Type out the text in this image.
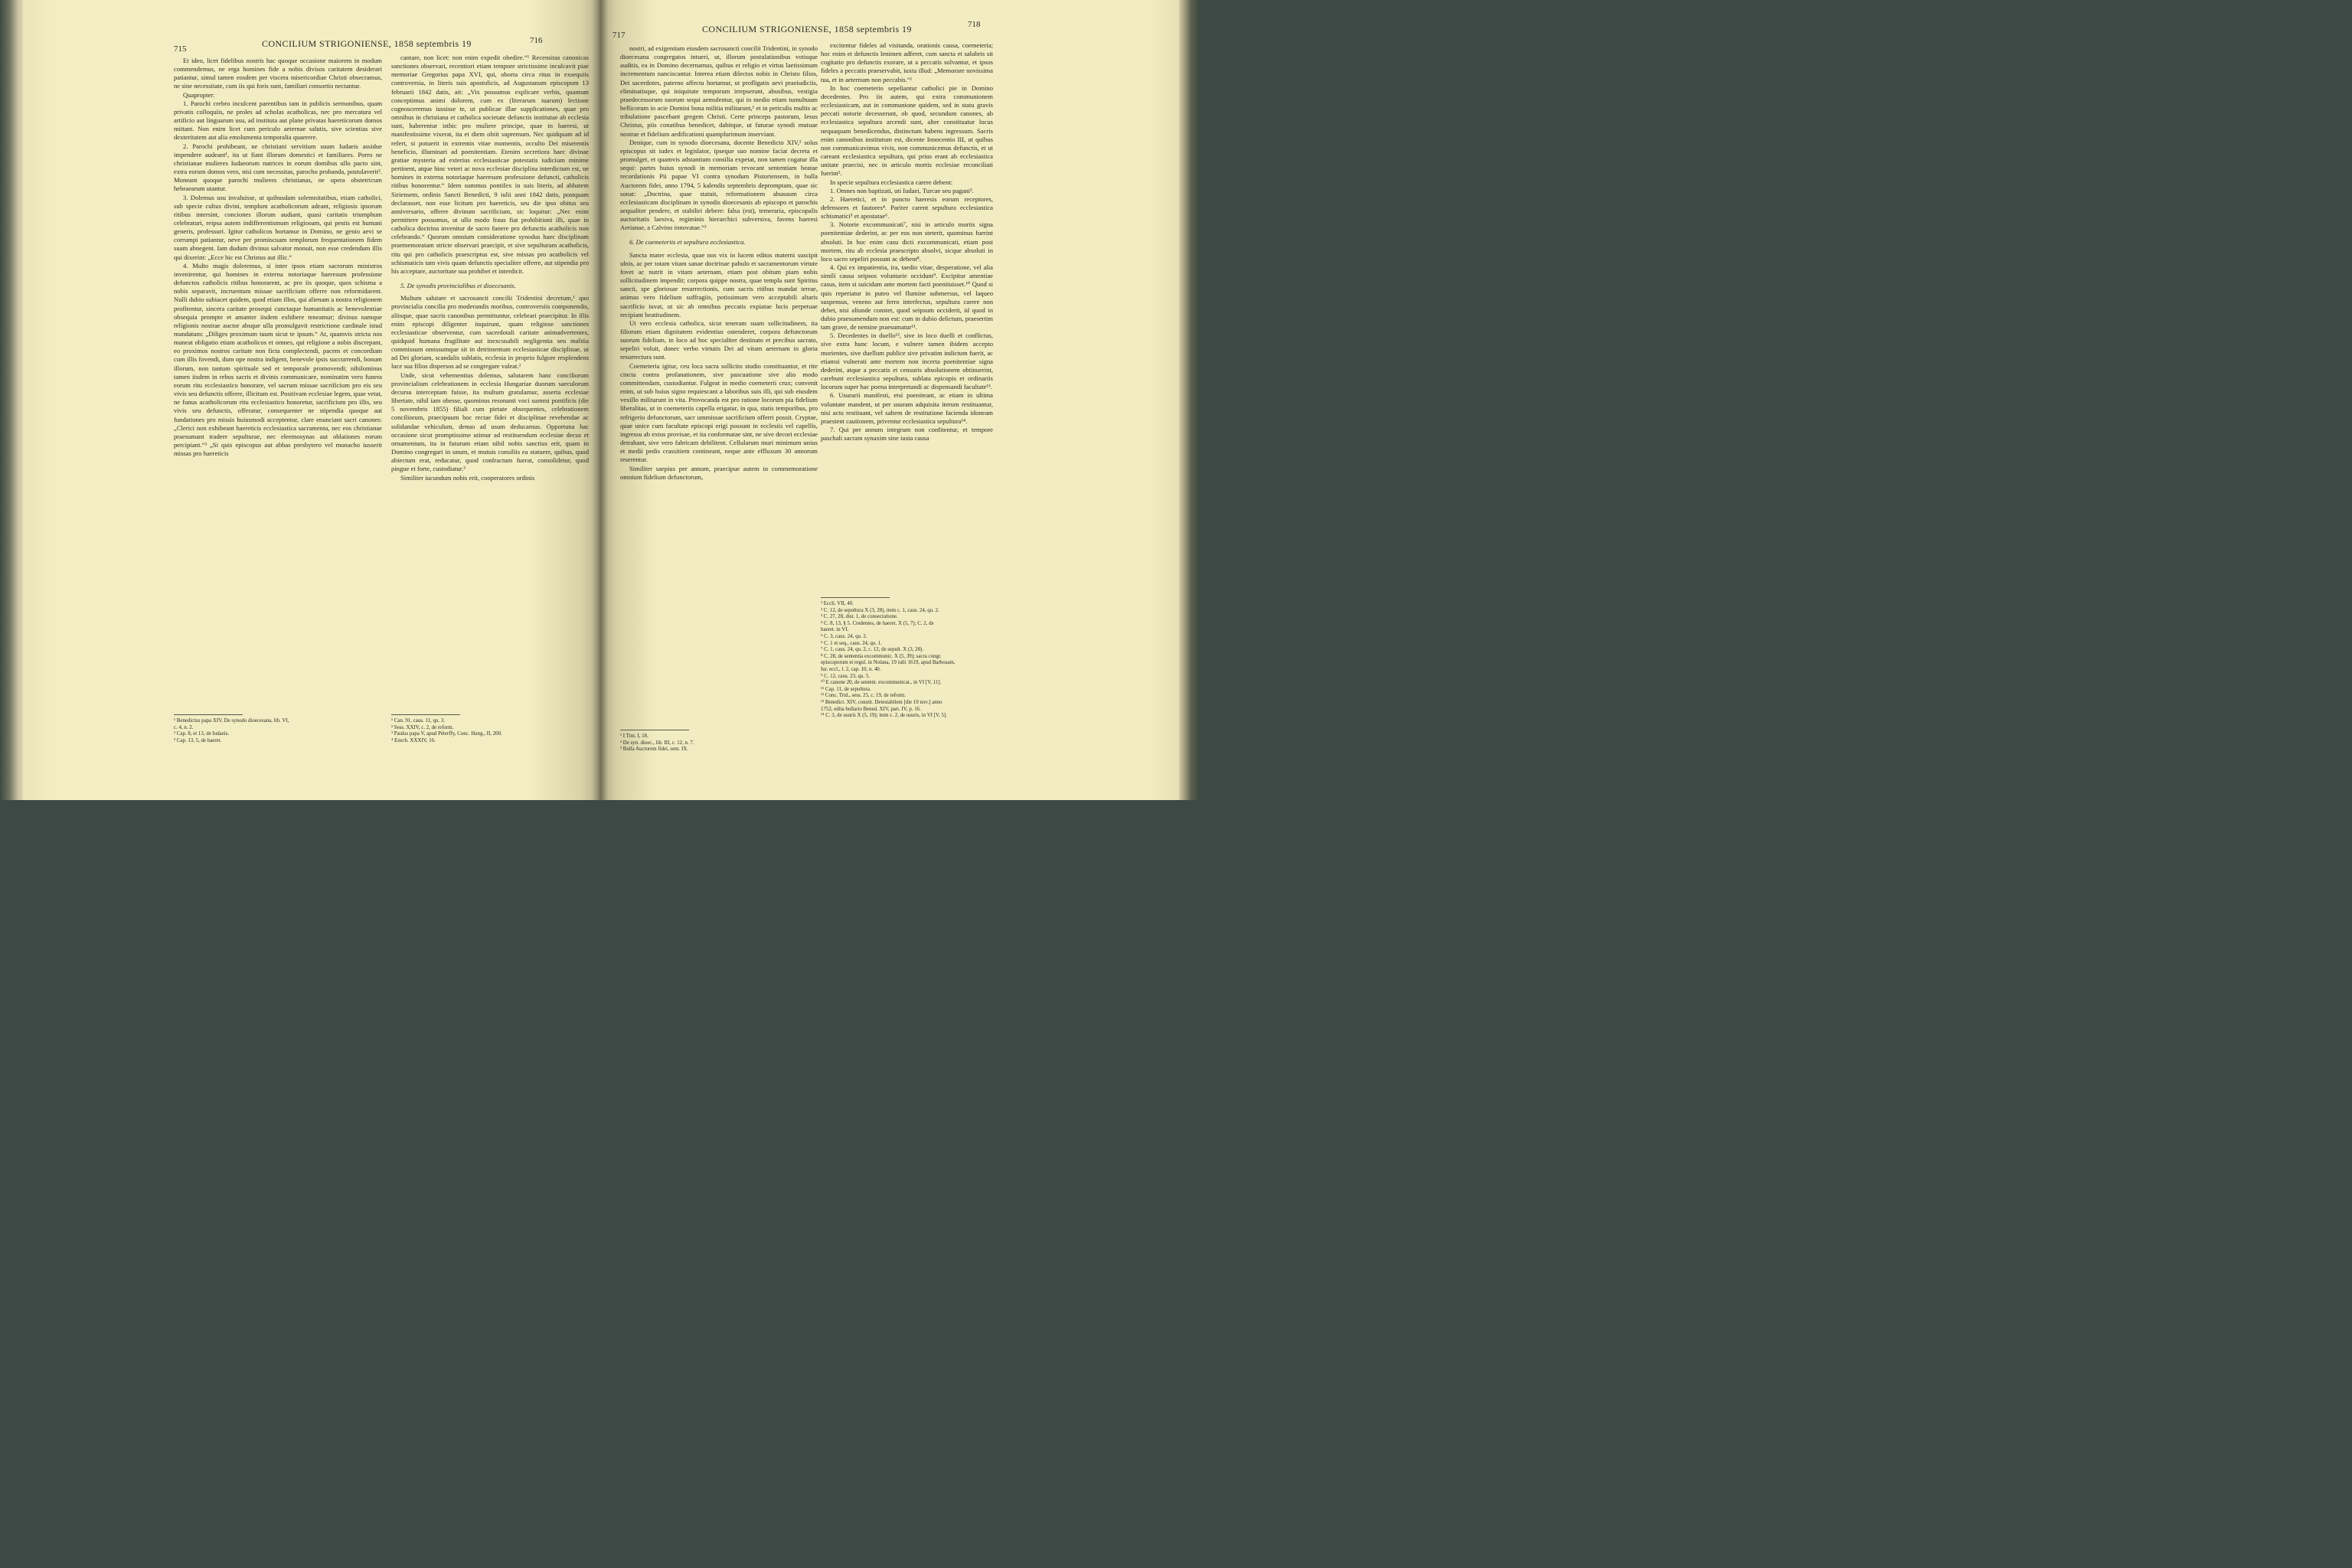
715	CONCILIUM STRIGONIENSE, 1858 septembris 19	716

Et ideo, licet fidelibus nostris hac quoque occasione maiorem in modum commendemus, ne erga homines fide a nobis divisos caritatem desiderari patiantur, simul tamen eosdem per viscera misericordiae Christi obsecramus, ne sine necessitate, cum iis qui foris sunt, familiari consortio nectantur.

Quapropter:

1. Parochi crebro inculcent parentibus tam in publicis sermonibus, quam privatis colloquiis, ne proles ad scholas acatholicas, nec pro mercatura vel artificio aut linguarum usu, ad instituta aut plane privatas haereticorum domos mittant. Non enim licet cum periculo aeternae salutis, sive scientias sive dexteritatem aut alia emolumenta temporalia quaerere.

2. Parochi prohibeant, ne christiani servitium suum Iudaeis assidue impendere audeant¹, ita ut fiant illorum domestici et familiares. Porro ne christianae mulieres Iudaeorum nutrices in eorum domibus ullo pacto sint, extra eorum domos vero, nisi cum necessitas, parocho probanda, postulaverit². Moneant quoque parochi mulieres christianas, ne opera obstetricum hebraearum utantur.

3. Dolemus usu invaluisse, ut quibusdam solemnitatibus, etiam catholici, sub specie cultus divini, templum acatholicorum adeant, religiosis ipsorum ritibus intersint, conciones illorum audiant, quasi caritatis triumphum celebraturi, reipsa autem indifferentismum religiosum, qui pestis est humani generis, professuri. Igitur catholicos hortamur in Domino, ne genio aevi se corrumpi patiantur, neve per promiscuam templorum frequentationem fidem suam abnegent. Iam dudum divinus salvator monuit, non esse credendum illis qui dixerint: „Ecce hic est Christus aut illic.“

4. Multo magis doleremus, si inter ipsos etiam sacrorum ministros invenirentur, qui homines in externa notoriaque haeresum professione defunctos catholicis ritibus honorarent, ac pro iis quoque, quos schisma a nobis separavit, incruentum missae sacrificium offerre non reformidarent. Nulli dubio subiacet quidem, quod etiam illos, qui alienam a nostra religionem profitentur, sincera caritate prosequi cunctaque humanitatis ac benevolentiae obsequia prompte et amanter iisdem exhibere teneamur; divinus namque religionis nostrae auctor absque ulla promulgavit restrictione cardinale istud mandatum: „Diliges proximum tuum sicut te ipsum.“ At, quamvis stricta nos maneat obligatio etiam acatholicos et omnes, qui religione a nobis discrepant, eo proximos nostros caritate non ficta complectendi, pacem et concordiam cum illis fovendi, dum ope nostra indigent, benevole ipsis succurrendi, bonum illorum, non tantum spirituale sed et temporale promovendi; nihilominus tamen iisdem in rebus sacris et divinis communicare, nominatim vero funera eorum ritu ecclesiastico honorare, vel sacrum missae sacrificium pro eis seu vivis seu defunctis offerre, illicitum est. Positivam ecclesiae legem, quae vetat, ne funus acatholicorum ritu ecclesiastico honoretur, sacrificium pro illis, seu vivis seu defunctis, offeratur, consequenter ne stipendia quoque aut fundationes pro missis huiusmodi acceptentur, clare enunciant sacri canones: „Clerici non exhibeant haereticis ecclesiastica sacramenta, nec eos christianae praesumant tradere sepulturae, nec eleemosynas aut oblationes eorum percipiant.“³ „Si quis episcopus aut abbas presbytero vel monacho iusserit missas pro haereticis

cantare, non licet: non enim expedit obedire.“¹ Recensitas canonicas sanctiones observari, recentiori etiam tempore strictissime inculcavit piae memoriae Gregorius papa XVI, qui, oborta circa ritus in exsequiis controversia, in literis suis apostolicis, ad Augustanum episcopum 13 februarii 1842 datis, ait: „Vix possumus explicare verbis, quantum conceptimus animi dolorem, cum ex (literarum tuarum) lectione cognosceremus iussisse te, ut publicae illae supplicationes, quae pro omnibus in christiana et catholica societate defunctis institutae ab ecclesia sunt, haberentur isthic pro muliere principe, quae in haeresi, ut manifestissime vixerat, ita et diem obiit supremum. Nec quidquam ad id refert, si potuerit in extremis vitae momentis, occulto Dei miserentis beneficio, illuminari ad poenitentiam. Etenim secretiora haec divinae gratiae mysteria ad exterius ecclesiasticae potestatis iudicium minime pertinent, atque hinc veteri ac nova ecclesiae disciplina interdictum est, ne homines in externa notoriaque haeresum professione defuncti, catholicis ritibus honorentur.“ Idem summus pontifex in suis literis, ad abbatem Siriensem, ordinis Sancti Benedicti, 9 iulii anni 1842 datis, postquam declarasset, non esse licitum pro haereticis, seu die ipso obitus seu anniversario, offerre divinum sacrificium, sic loquitur: „Nec enim permittere possumus, ut ullo modo fraus fiat prohibitioni illi, quae in catholica doctrina invenitur de sacro funere pro defunctis acatholicis non celebrando.“ Quorum omnium consideratione synodus haec disciplinam praememoratam stricte observari praecipit, et sive sepulturam acatholicis, ritu qui pro catholicis praescriptus est, sive missas pro acatholicis vel schismaticis tam vivis quam defunctis specialiter offerre, aut stipendia pro his acceptare, auctoritate sua prohibet et interdicit.

5. De synodis provincialibus et dioecesanis.

Multum salutare et sacrosancti concilii Tridentini decretum,¹ quo provincialia concilia pro moderandis moribus, controversiis componendis, aliisque, quae sacris canonibus permittuntur, celebrari praecipitur. In illis enim episcopi diligenter inquirunt, quam religiose sanctiones ecclesiasticae observentur, cum sacerdotali caritate animadvertentes, quidquid humana fragilitate aut inexcusabili negligentia seu malitia commissum omissumque sit in detrimentum ecclesiasticae disciplinae, ut ad Dei gloriam, scandalis sublatis, ecclesia in proprio fulgore resplendens luce sua filios dispersos ad se congregare valeat.²

Unde, sicut vehementius dolemus, salutarem hanc conciliorum provincialium celebrationem in ecclesia Hungariae duorum saeculorum decursu interceptam fuisse, ita multum gratulamur, asserta ecclesiae libertate, nihil iam obesse, quominus resonanti voci summi pontificis (die 5 novembris 1855) filiali cum pietate obsequentes, celebrationem conciliorum, praecipuum hoc rectae fidei et disciplinae revehendae ac solidandae vehiculum, denuo ad usum deducamus. Opportuna hac occasione sicut promptissime utimur ad restituendum ecclesiae decus et ornamentum, ita in futurum etiam nihil nobis sanctius erit, quam in Domino congregari in unum, et mutuis consiliis ea statuere, quibus, quod abiectum erat, reducatur, quod confractum fuerat, consolidetur, quod pingue et forte, custodiatur.³

Similiter iucundum nobis erit, cooperatores ordinis

¹ Benedictus papa XIV, De synodo dioecesana, lib. VI,
c. 4, n. 2.
² Cap. 8, et 13, de Iudaeis.
³ Cap. 13, 5, de haeret.
¹ Can. 91, caus. 11, qu. 3.
² Sess. XXIV, c. 2, de reform.
³ Paulus papa V, apud Péterffy, Conc. Hung., II, 200.
⁴ Ezech. XXXIV, 16.
717
CONCILIUM STRIGONIENSE, 1858 septembris 19	718

nostri, ad exigentiam eiusdem sacrosancti concilii Tridentini, in synodo dioecesana congregatos intueri, ut, illorum postulationibus votisque auditis, ea in Domino decernamus, quibus et religio et virtus laetissimum incrementum nanciscantur. Interea etiam dilectos nobis in Christo filios, Dei sacerdotes, paterno affectu hortamur, ut profligatis aevi praeiudiciis, eliminatisque, qui iniquitate temporum irrepserunt, abusibus, vestigia praedecessorum suorum sequi aemulentur, qui in medio etiam tumultuum bellicorum in acie Domini bona militia militarunt,¹ et in periculis multis ac tribulatione pascebant gregem Christi. Certe princeps pastorum, Iesus Christus, piis conatibus benedicet, dabitque, ut futurae synodi mutuae nostrae et fidelium aedificationi quamplurimum inserviant.

Denique, cum in synodo dioecesana, docente Benedicto XIV,² solus episcopus sit iudex et legislator, ipseque suo nomine faciat decreta et promulget, et quamvis adstantium consilia expetat, non tamen cogatur illa sequi: partes huius synodi in memoriam revocant sententiam beatae recordationis Pii papae VI contra synodum Pistoriensem, in bulla Auctorem fidei, anno 1794, 5 kalendis septembris depromptam, quae sic sonat: „Doctrina, quae statuit, reformationem abusuum circa ecclesiasticam disciplinam in synodis dioecesanis ab episcopo et parochis aequaliter pendere, et stabiliri debere: falsa (est), temeraria, episcopalis auctoritatis laesiva, regiminis hierarchici subversiva, favens haeresi Aerianae, a Calvino innovatae.“³

6. De coemeteriis et sepultura ecclesiastica.

Sancta mater ecclesia, quae nos vix in lucem editos materni suscipit ulnis, ac per totam vitam sanae doctrinae pabulo et sacramentorum virtute fovet ac nutrit in vitam aeternam, etiam post obitum piam nobis sollicitudinem impendit; corpora quippe nostra, quae templa sunt Spiritus sancti, spe gloriosae resurrectionis, cum sacris ritibus mandat terrae, animas vero fidelium suffragiis, potissimum vero acceptabili altaris sacrificio iuvat, ut sic ab omnibus peccatis expiatae lucis perpetuae recipiant beatitudinem.

Ut vero ecclesia catholica, sicut teneram suam sollicitudinem, ita filiorum etiam dignitatem evidentius ostenderet, corpora defunctorum suorum fidelium, in loco ad hoc specialiter destinato et precibus sacrato, sepeliri voluit, donec verbo virtutis Dei ad vitam aeternam in gloria resurrectura sunt.

Coemeteria igitur, ceu loca sacra sollicito studio constituantur, et rite cincta contra profanationem, sive pascuatione sive alio modo committendam, custodiantur. Fulgeat in medio coemeterii crux; convenit enim, ut sub huius signo requiescant a laboribus suis illi, qui sub eiusdem vexillo militarunt in vita. Provocanda est pro ratione locorum pia fidelium liberalitas, ut in coemeteriis capella erigatur, in qua, statis temporibus, pro refrigerio defunctorum, sacr ummissae sacrificium offerri possit. Cryptae, quae unice cum facultate episcopi erigi possunt in ecclesiis vel capellis, ingressu ab extus provisae, et ita conformatae sint, ne sive decori ecclesiae detrahant, sive vero fabricam debilitent. Cellularum muri minimum unius et medii pedis crassitiem contineant, neque ante effluxum 30 annorum reserentur.

Similiter saepius per annum, praecipue autem in commemoratione omnium fidelium defunctorum,

excitentur fideles ad visitanda, orationis causa, coemeteria; hoc enim et defunctis lenimen adferet, cum sancta et salubris sit cogitatio pro defunctis exorare, ut a peccatis solvantur, et ipsos fideles a peccatis praeservabit, iuxta illud: „Memorare novissima tua, et in aeternum non peccabis.“¹

In hoc coemeterio sepeliantur catholici pie in Domino decedentes. Pro iis autem, qui extra communionem ecclesiasticam, aut in communione quidem, sed in statu gravis peccati notorie decesserunt, ob quod, secundum canones, ab ecclesiastica sepultura arcendi sunt, alter constituatur locus nequaquam benedicendus, distinctum habens ingressum. Sacris enim canonibus institutum est, dicente Innocentio III, ut quibus non communicavimus vivis, non communicemus defunctis, et ut careant ecclesiastica sepultura, qui prius erant ab ecclesiastica unitate praecisi, nec in articulo mortis ecclesiae reconciliati fuerint².

In specie sepultura ecclesiastica carere debent:

1. Omnes non baptizati, uti Iudaei, Turcae seu pagani³.

2. Haeretici, et in puncto haeresis eorum receptores, defensores et fautores⁴. Pariter carent sepultura ecclesiastica schismatici⁵ et apostatae⁶.

3. Notorie excommunicati⁷, nisi in articulo mortis signa poenitentiae dederint, ac per eos non steterit, quominus fuerint absoluti. In hoc enim casu dicti excommunicati, etiam post mortem, ritu ab ecclesia praescripto absolvi, sicque absoluti in loco sacro sepeliri possunt ac debent⁸.

4. Qui ex impatientia, ira, taedio vitae, desperatione, vel alia simili causa seipsos voluntarie occidunt⁹. Excipitur amentiae casus, item si suicidam ante mortem facti poenituisset.¹⁰ Quod si quis reperiatur in puteo vel flumine submersus, vel laqueo suspensus, veneno aut ferro interfectus, sepultura carere non debet, nisi aliunde constet, quod seipsum occiderit, id quod in dubio praesumendum non est: cum in dubio delictum, praesertim tam grave, de nemine praesumatur¹¹.

5. Decedentes in duello¹², sive in loco duelli et conflictus, sive extra hunc locum, e vulnere tamen ibidem accepto morientes, sive duellum publice sive privatim indictum fuerit, ac etiamsi vulnerati ante mortem non incerta poenitentiae signa dederint, atque a peccatis et censuris absolutionem obtinuerint, carebunt ecclesiastica sepultura, sublata epicopis et ordinariis locorum super hac poena interpretandi ac dispensandi facultate¹³.

6. Usurarii manifesti, etsi poeniteant, ac etiam in ultima voluntate mandent, ut per usuram adquisita iterum restituantur, nisi actu restituant, vel saltem de restitutione facienda idoneam praestent cautionem, priventur ecclesiastica sepultura¹⁴.

7. Qui per annum integrum non confitentur, et tempore paschali sacram synaxim sine iusta causa

¹ I Tim. I, 18.
² De syn. dioec., lib. III, c. 12, n. 7.
³ Bulla Auctorem fidei, sent. IX.
¹ Eccli. VII, 40.
² C. 12, de sepultura X (3, 28), item c. 1, caus. 24, qu. 2.
³ C. 27, 28, dist. 1, de consecratione.
⁴ C. 8, 13, § 5. Credentes, de haeret. X (5, 7); C. 2, de
haeret. in VI.
⁵ C. 3, caus. 24, qu. 2.
⁶ C. 1 et seq., caus. 24, qu. 1.
⁷ C. 1, caus. 24, qu. 2, c. 12, de sepult. X (3, 28).
⁸ C. 28, de sententia excommunic. X (5, 39); sacra congr.
episcoporum et regul. in Nolana, 19 iulii 1619, apud Barbosam,
Iur. eccl., l. 2, cap. 10, n. 40.
⁹ C. 12, caus. 23, qu. 5.
¹⁰ E canone 20, de sentent. excommunicat., in VI [V, 11].
¹¹ Cap. 11, de sepultura.
¹² Conc. Trid., sess. 25, c. 19, de reform.
¹³ Benedict. XIV, constit. Detestabilem [die 10 nov.] anno
1752, edita bullario Bened. XIV, part. IV, p. 16.
¹⁴ C. 3, de usuris X (5, 19); item c. 2, de usuris, in VI [V, 5].
